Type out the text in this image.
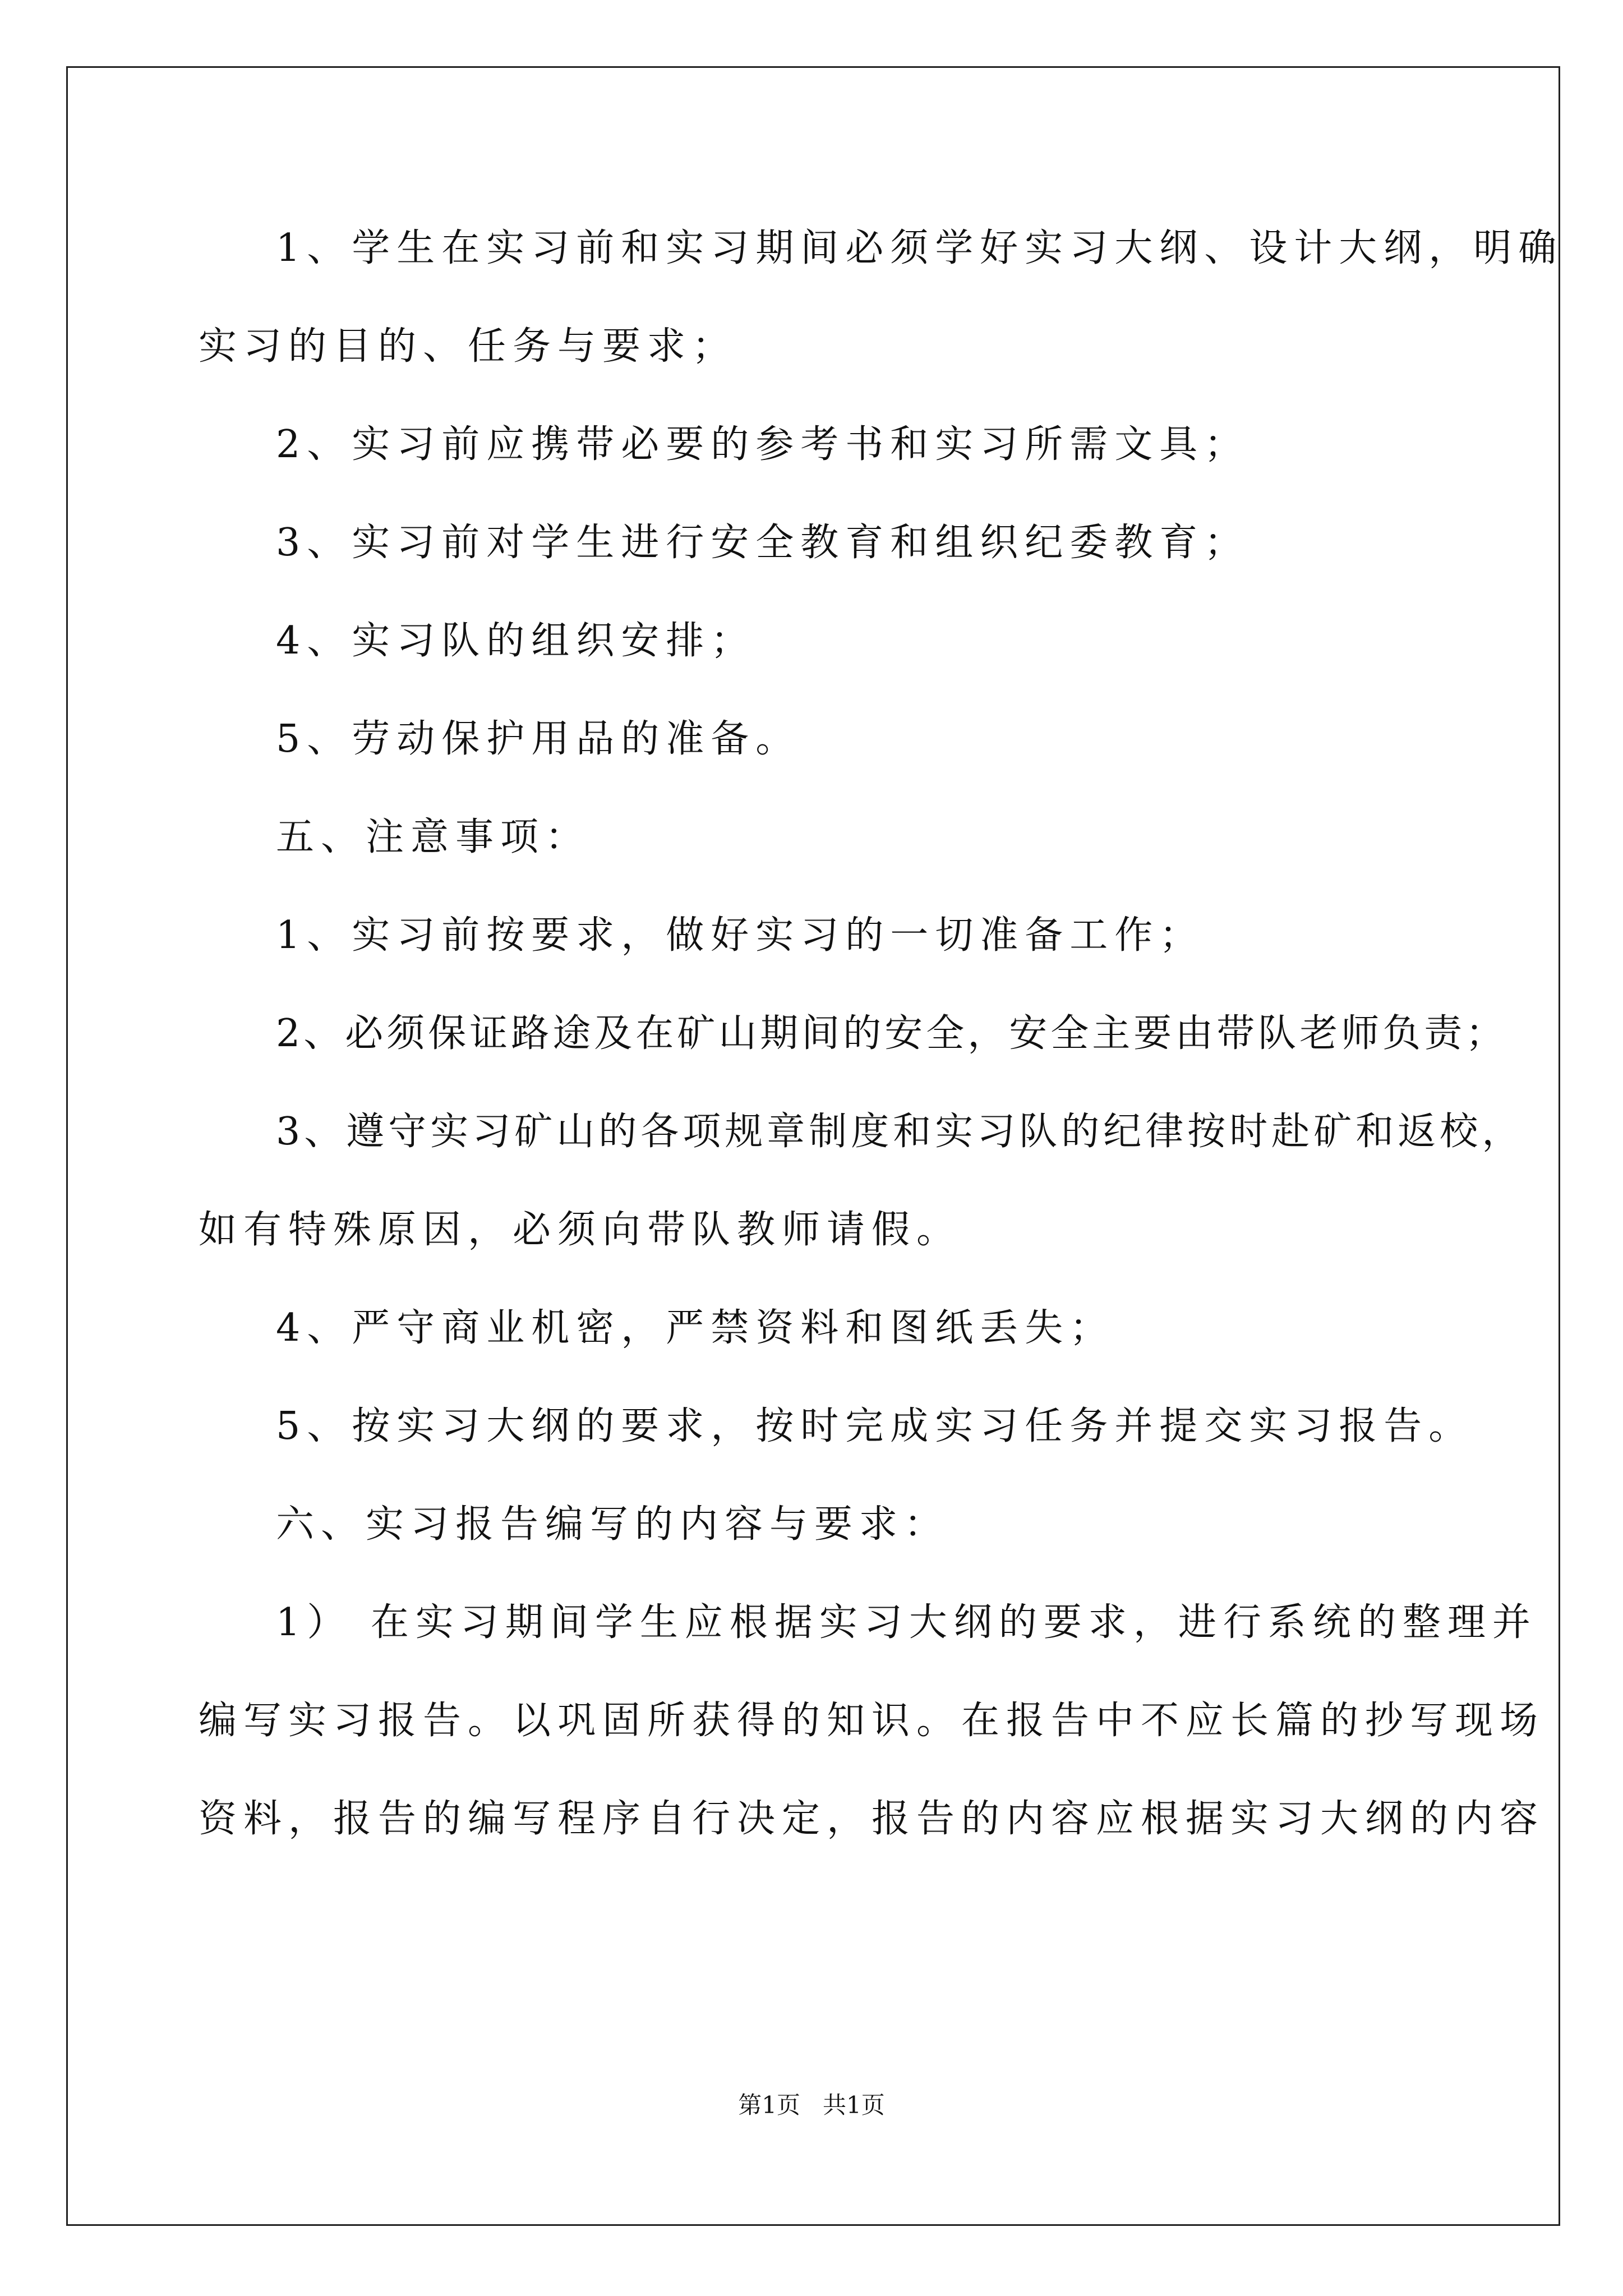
1、学生在实习前和实习期间必须学好实习大纲、设计大纲，明确
实习的目的、任务与要求；
2、实习前应携带必要的参考书和实习所需文具；
3、实习前对学生进行安全教育和组织纪委教育；
4、实习队的组织安排；
5、劳动保护用品的准备。
五、注意事项：
1、实习前按要求，做好实习的一切准备工作；
2、必须保证路途及在矿山期间的安全，安全主要由带队老师负责；
3、遵守实习矿山的各项规章制度和实习队的纪律按时赴矿和返校，
如有特殊原因，必须向带队教师请假。
4、严守商业机密，严禁资料和图纸丢失；
5、按实习大纲的要求，按时完成实习任务并提交实习报告。
六、实习报告编写的内容与要求：
1） 在实习期间学生应根据实习大纲的要求，进行系统的整理并
编写实习报告。以巩固所获得的知识。在报告中不应长篇的抄写现场
资料，报告的编写程序自行决定，报告的内容应根据实习大纲的内容
第1页   共1页
